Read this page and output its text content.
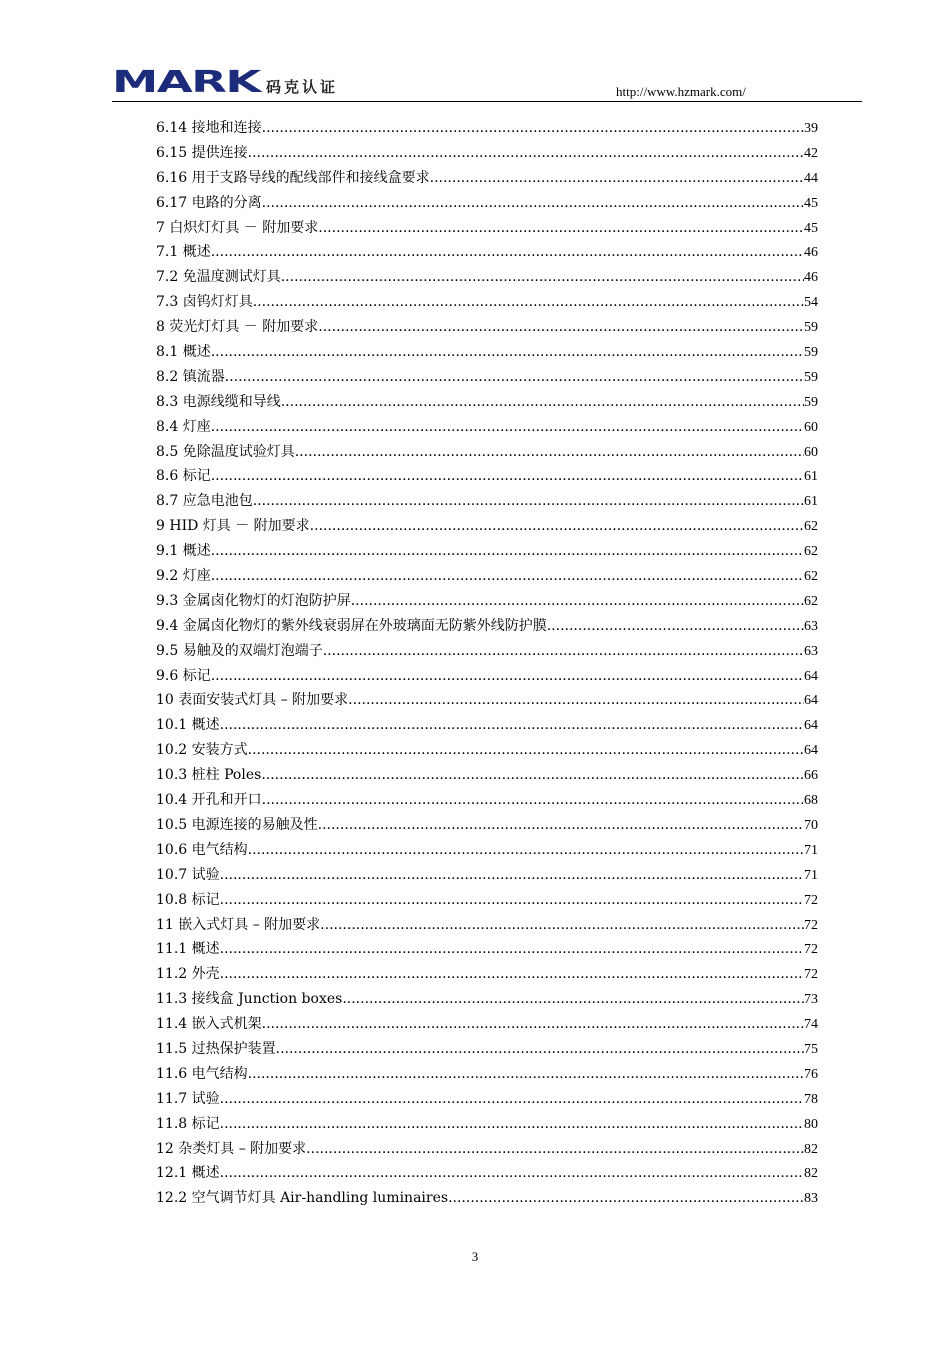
MARK 码克认证	http://www.hzmark.com/
6.14 接地和连接 .....	39
6.15 提供连接 .....	42
6.16 用于支路导线的配线部件和接线盒要求 .....	44
6.17 电路的分离 .....	45
7 白炽灯灯具 － 附加要求 .....	45
7.1 概述 .....	46
7.2 免温度测试灯具 .....	46
7.3 卤钨灯灯具 .....	54
8 荧光灯灯具 － 附加要求 .....	59
8.1 概述 .....	59
8.2 镇流器 .....	59
8.3 电源线缆和导线 .....	59
8.4 灯座 .....	60
8.5 免除温度试验灯具 .....	60
8.6 标记 .....	61
8.7 应急电池包 .....	61
9 HID 灯具 － 附加要求 .....	62
9.1 概述 .....	62
9.2 灯座 .....	62
9.3 金属卤化物灯的灯泡防护屏 .....	62
9.4 金属卤化物灯的紫外线衰弱屏在外玻璃面无防紫外线防护膜 .....	63
9.5 易触及的双端灯泡端子 .....	63
9.6 标记 .....	64
10 表面安装式灯具 – 附加要求 .....	64
10.1 概述 .....	64
10.2 安装方式 .....	64
10.3 桩柱 Poles .....	66
10.4 开孔和开口 .....	68
10.5 电源连接的易触及性 .....	70
10.6 电气结构 .....	71
10.7 试验 .....	71
10.8 标记 .....	72
11 嵌入式灯具 – 附加要求 .....	72
11.1 概述 .....	72
11.2 外壳 .....	72
11.3 接线盒 Junction boxes .....	73
11.4 嵌入式机架 .....	74
11.5 过热保护装置 .....	75
11.6 电气结构 .....	76
11.7 试验 .....	78
11.8 标记 .....	80
12 杂类灯具 – 附加要求 .....	82
12.1 概述 .....	82
12.2 空气调节灯具 Air-handling luminaires .....	83
3
